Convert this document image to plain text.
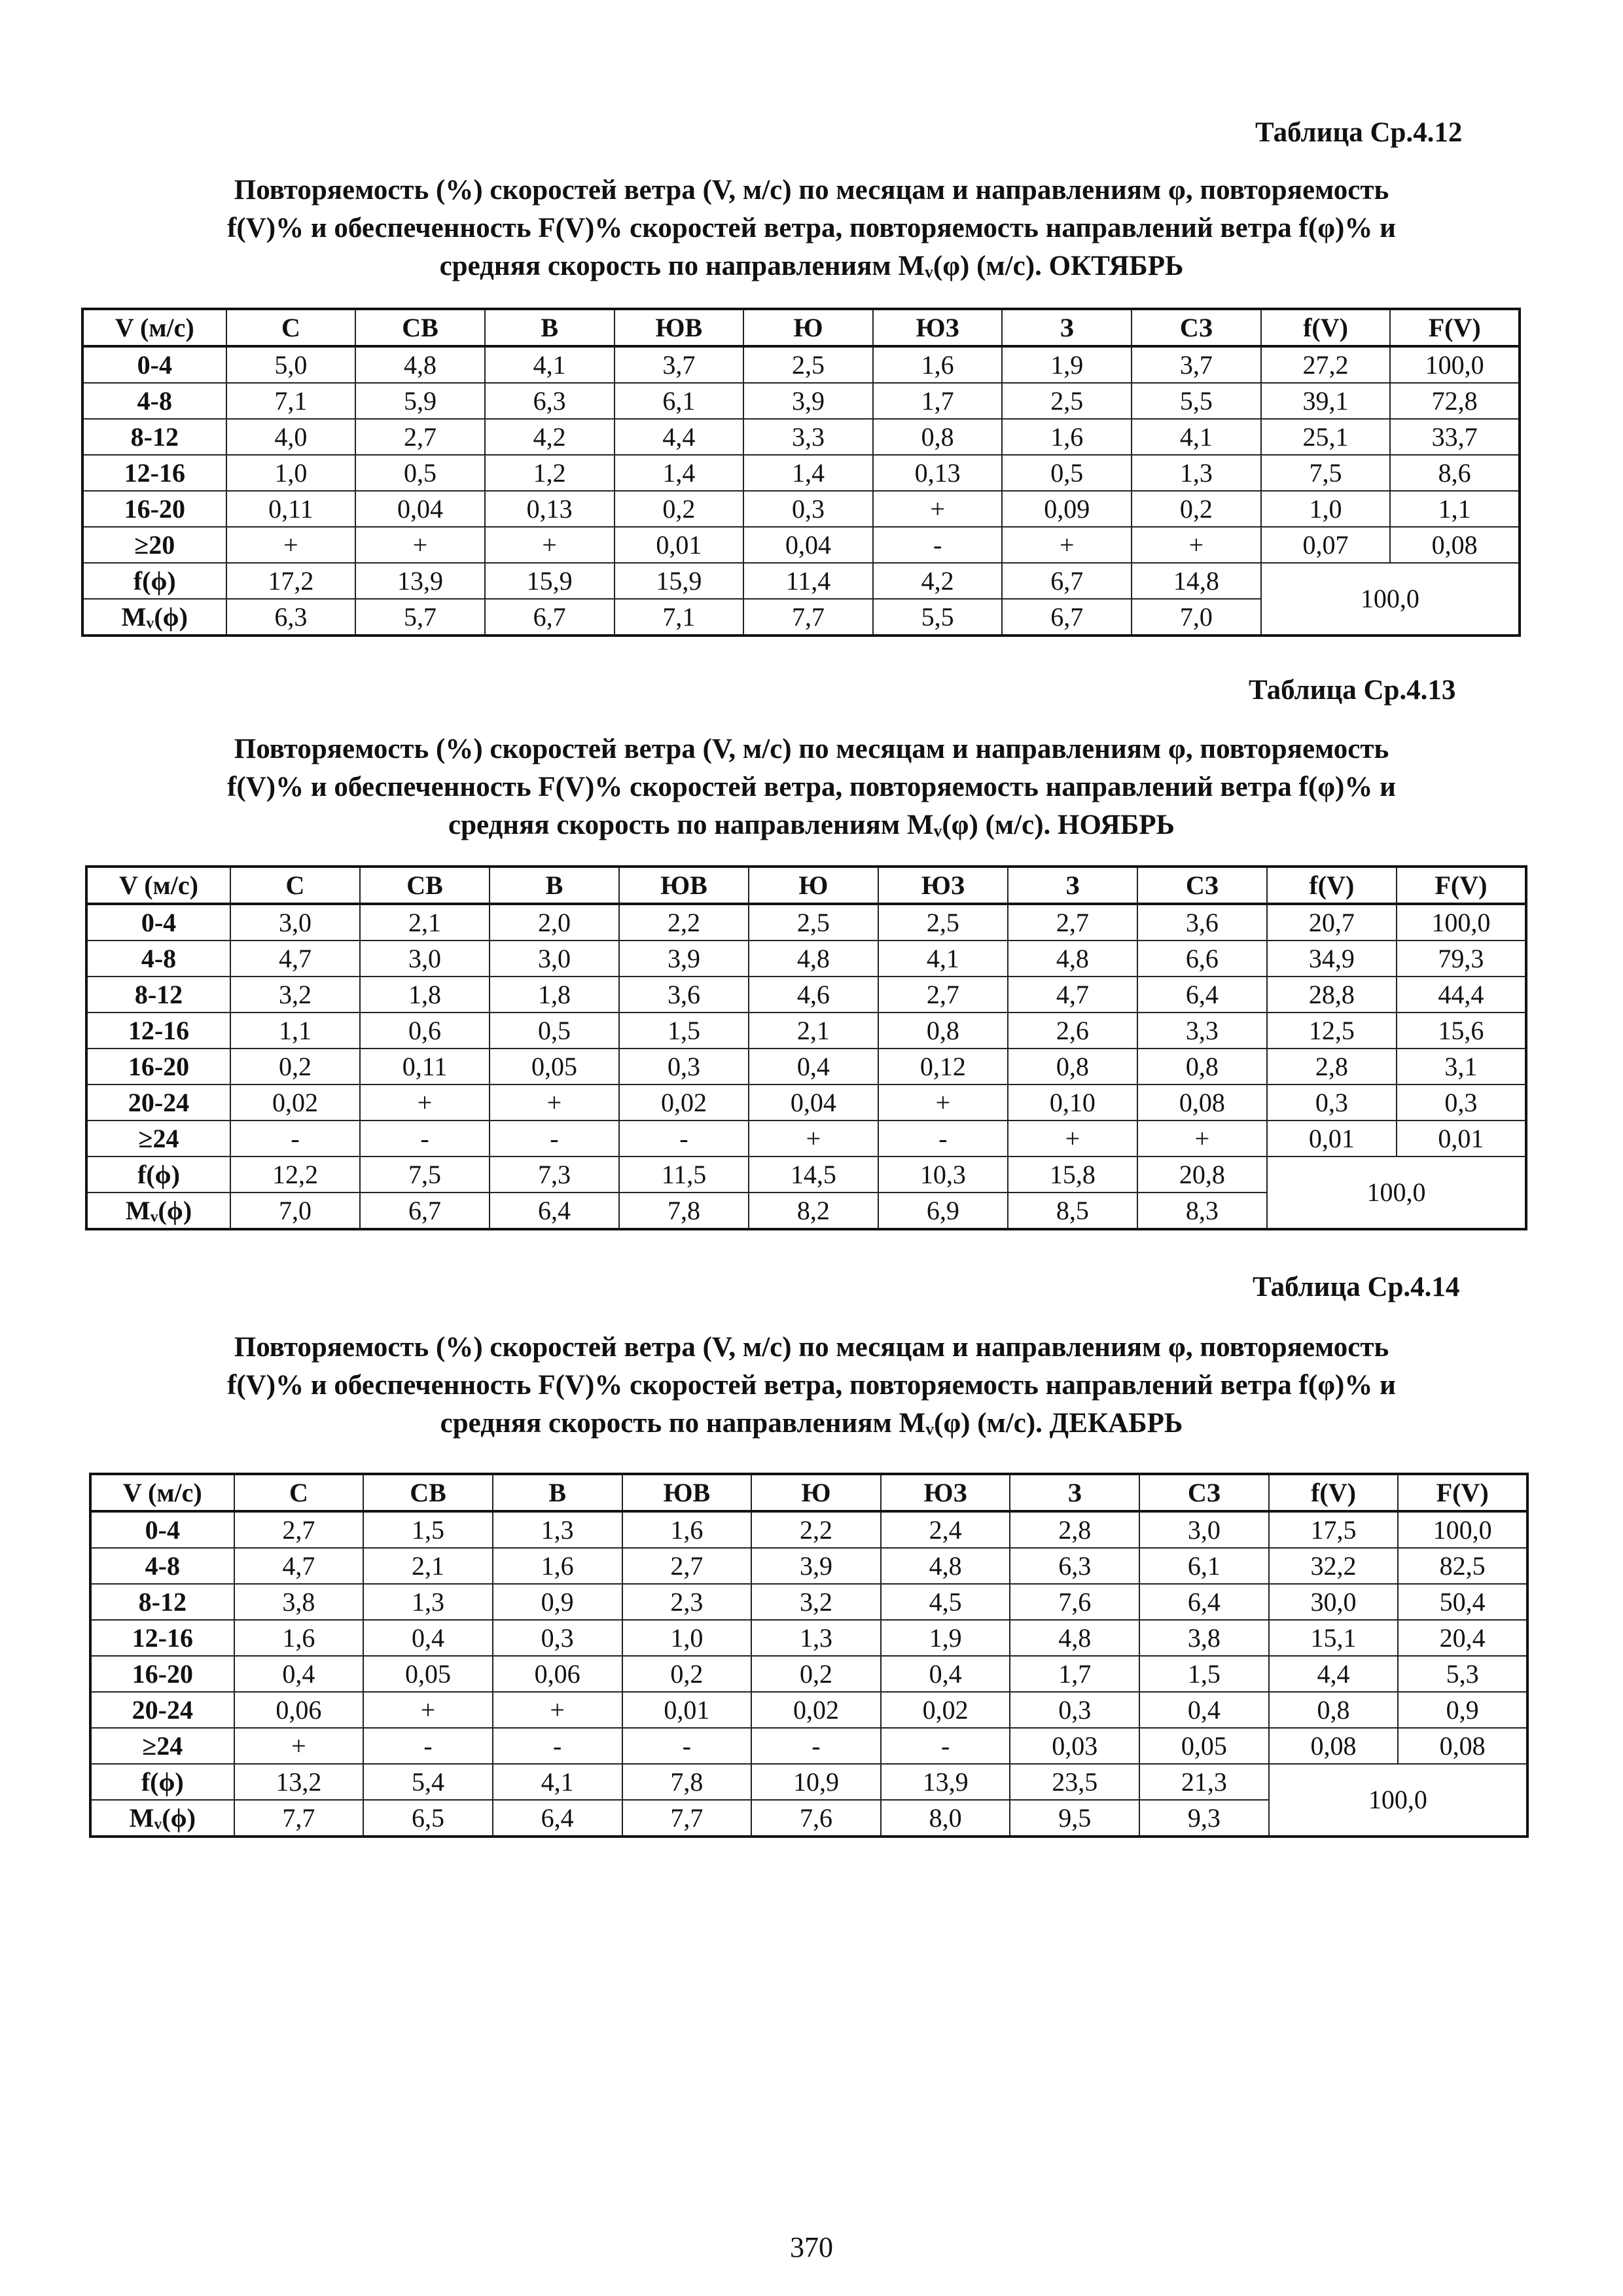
Таблица Ср.4.12
Повторяемость (%) скоростей ветра (V, м/с) по месяцам и направлениям φ, повторяемость
f(V)% и обеспеченность F(V)% скоростей ветра, повторяемость направлений ветра f(φ)% и
средняя скорость по направлениям Mᵥ(φ) (м/с). ОКТЯБРЬ
V (м/с)	С	СВ	В	ЮВ	Ю	ЮЗ	З	СЗ	f(V)	F(V)
0-4	5,0	4,8	4,1	3,7	2,5	1,6	1,9	3,7	27,2	100,0
4-8	7,1	5,9	6,3	6,1	3,9	1,7	2,5	5,5	39,1	72,8
8-12	4,0	2,7	4,2	4,4	3,3	0,8	1,6	4,1	25,1	33,7
12-16	1,0	0,5	1,2	1,4	1,4	0,13	0,5	1,3	7,5	8,6
16-20	0,11	0,04	0,13	0,2	0,3	+	0,09	0,2	1,0	1,1
≥20	+	+	+	0,01	0,04	-	+	+	0,07	0,08
f(ϕ)	17,2	13,9	15,9	15,9	11,4	4,2	6,7	14,8	100,0	
Mᵥ(ϕ)	6,3	5,7	6,7	7,1	7,7	5,5	6,7	7,0		
Таблица Ср.4.13
Повторяемость (%) скоростей ветра (V, м/с) по месяцам и направлениям φ, повторяемость
f(V)% и обеспеченность F(V)% скоростей ветра, повторяемость направлений ветра f(φ)% и
средняя скорость по направлениям Mᵥ(φ) (м/с). НОЯБРЬ
V (м/с)	С	СВ	В	ЮВ	Ю	ЮЗ	З	СЗ	f(V)	F(V)
0-4	3,0	2,1	2,0	2,2	2,5	2,5	2,7	3,6	20,7	100,0
4-8	4,7	3,0	3,0	3,9	4,8	4,1	4,8	6,6	34,9	79,3
8-12	3,2	1,8	1,8	3,6	4,6	2,7	4,7	6,4	28,8	44,4
12-16	1,1	0,6	0,5	1,5	2,1	0,8	2,6	3,3	12,5	15,6
16-20	0,2	0,11	0,05	0,3	0,4	0,12	0,8	0,8	2,8	3,1
20-24	0,02	+	+	0,02	0,04	+	0,10	0,08	0,3	0,3
≥24	-	-	-	-	+	-	+	+	0,01	0,01
f(ϕ)	12,2	7,5	7,3	11,5	14,5	10,3	15,8	20,8	100,0	
Mᵥ(ϕ)	7,0	6,7	6,4	7,8	8,2	6,9	8,5	8,3		
Таблица Ср.4.14
Повторяемость (%) скоростей ветра (V, м/с) по месяцам и направлениям φ, повторяемость
f(V)% и обеспеченность F(V)% скоростей ветра, повторяемость направлений ветра f(φ)% и
средняя скорость по направлениям Mᵥ(φ) (м/с). ДЕКАБРЬ
V (м/с)	С	СВ	В	ЮВ	Ю	ЮЗ	З	СЗ	f(V)	F(V)
0-4	2,7	1,5	1,3	1,6	2,2	2,4	2,8	3,0	17,5	100,0
4-8	4,7	2,1	1,6	2,7	3,9	4,8	6,3	6,1	32,2	82,5
8-12	3,8	1,3	0,9	2,3	3,2	4,5	7,6	6,4	30,0	50,4
12-16	1,6	0,4	0,3	1,0	1,3	1,9	4,8	3,8	15,1	20,4
16-20	0,4	0,05	0,06	0,2	0,2	0,4	1,7	1,5	4,4	5,3
20-24	0,06	+	+	0,01	0,02	0,02	0,3	0,4	0,8	0,9
≥24	+	-	-	-	-	-	0,03	0,05	0,08	0,08
f(ϕ)	13,2	5,4	4,1	7,8	10,9	13,9	23,5	21,3	100,0	
Mᵥ(ϕ)	7,7	6,5	6,4	7,7	7,6	8,0	9,5	9,3		
370
